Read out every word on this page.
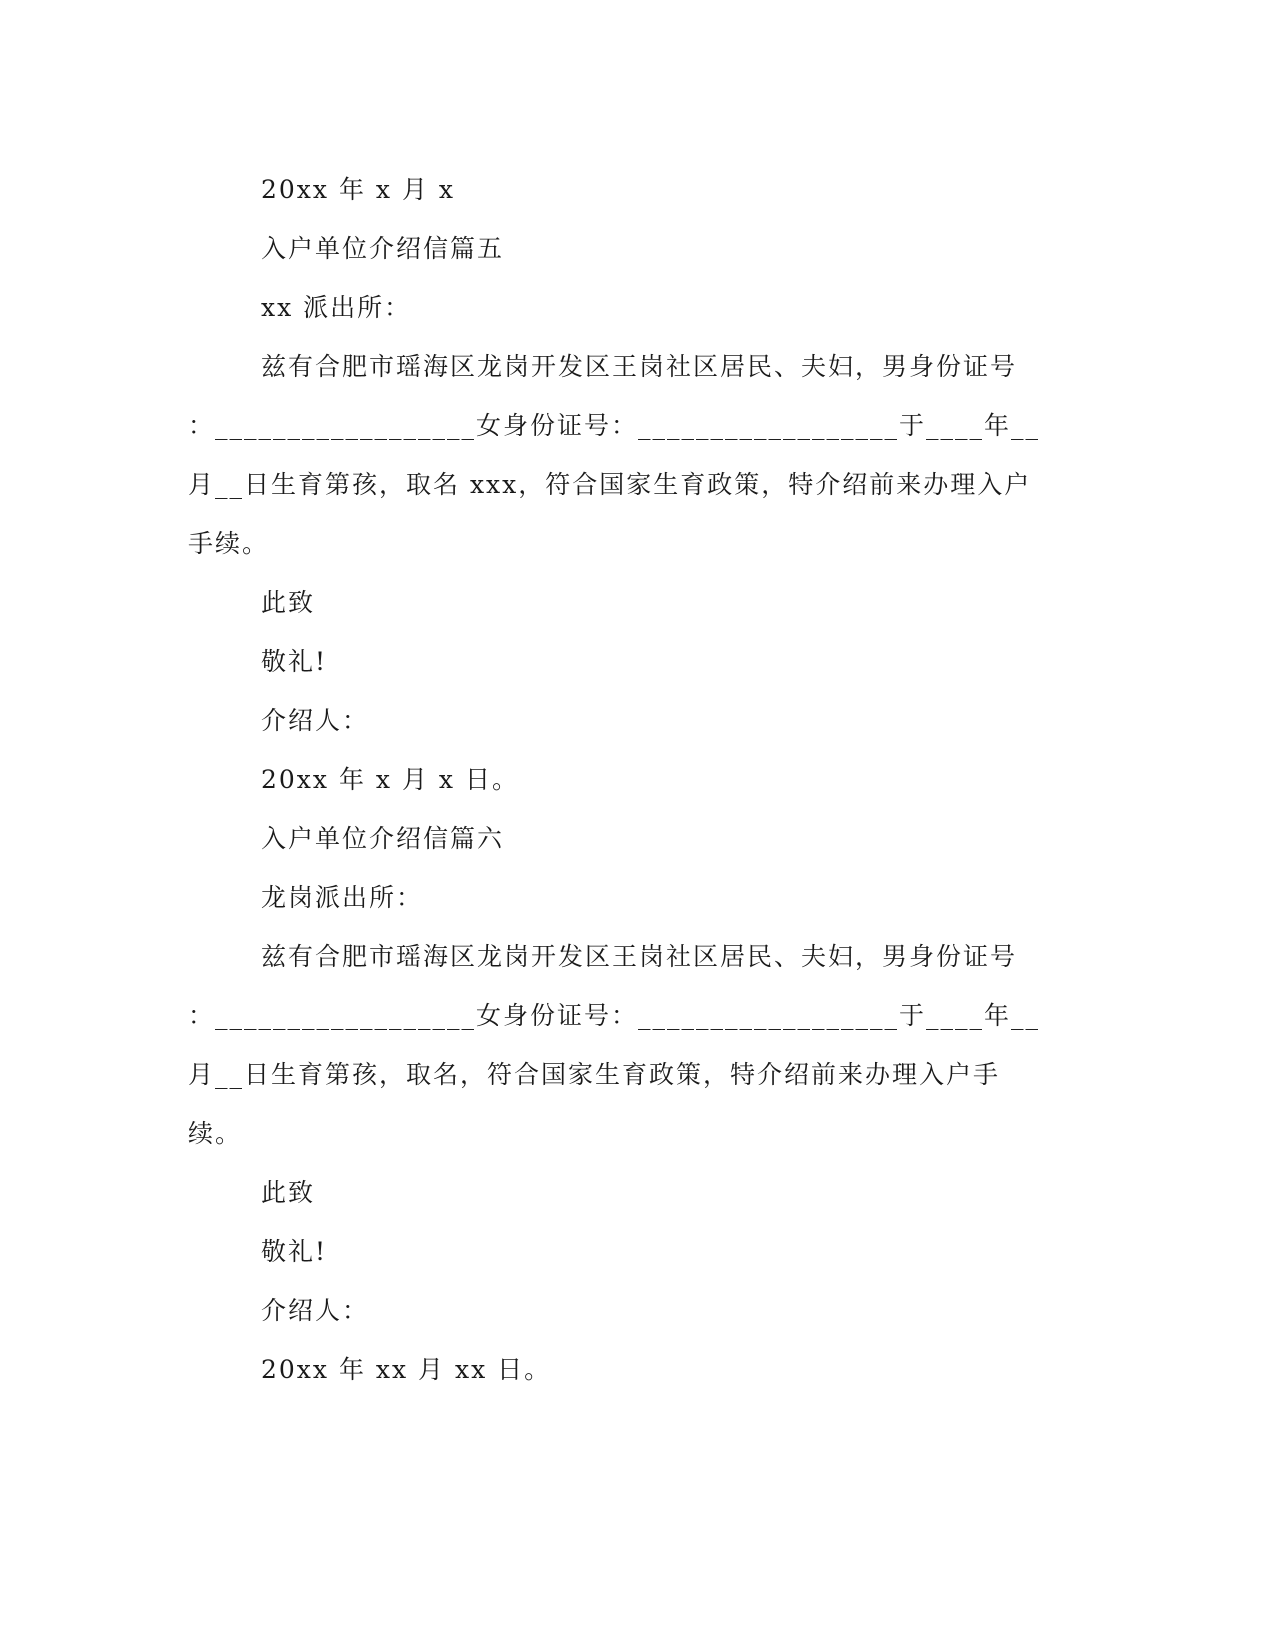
20xx 年 x 月 x
入户单位介绍信篇五
xx 派出所：
兹有合肥市瑶海区龙岗开发区王岗社区居民、夫妇，男身份证号
：__________________女身份证号：__________________于____年__
月__日生育第孩，取名 xxx，符合国家生育政策，特介绍前来办理入户
手续。
此致
敬礼!
介绍人：
20xx 年 x 月 x 日。
入户单位介绍信篇六
龙岗派出所：
兹有合肥市瑶海区龙岗开发区王岗社区居民、夫妇，男身份证号
：__________________女身份证号：__________________于____年__
月__日生育第孩，取名，符合国家生育政策，特介绍前来办理入户手
续。
此致
敬礼!
介绍人：
20xx 年 xx 月 xx 日。
